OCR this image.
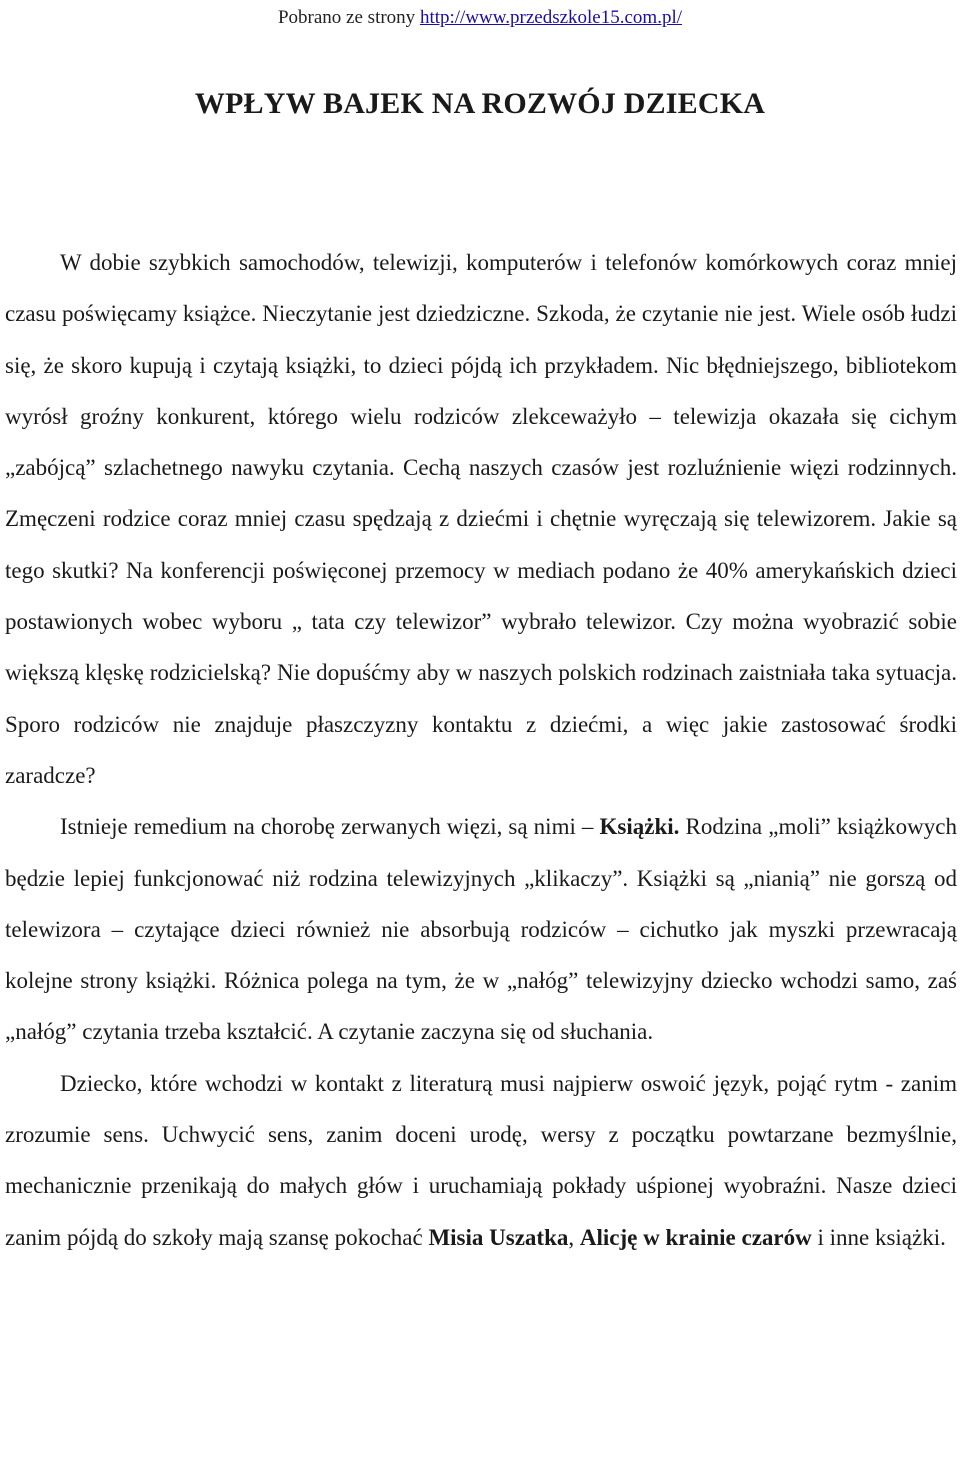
Pobrano ze strony http://www.przedszkole15.com.pl/
WPŁYW BAJEK NA ROZWÓJ DZIECKA

W dobie szybkich samochodów, telewizji, komputerów i telefonów komórkowych coraz mniej czasu poświęcamy książce. Nieczytanie jest dziedziczne. Szkoda, że czytanie nie jest. Wiele osób łudzi się, że skoro kupują i czytają książki, to dzieci pójdą ich przykładem. Nic błędniejszego, bibliotekom wyrósł groźny konkurent, którego wielu rodziców zlekceważyło – telewizja okazała się cichym „zabójcą” szlachetnego nawyku czytania. Cechą naszych czasów jest rozluźnienie więzi rodzinnych. Zmęczeni rodzice coraz mniej czasu spędzają z dziećmi i chętnie wyręczają się telewizorem. Jakie są tego skutki? Na konferencji poświęconej przemocy w mediach podano że 40% amerykańskich dzieci postawionych wobec wyboru „ tata czy telewizor” wybrało telewizor. Czy można wyobrazić sobie większą klęskę rodzicielską? Nie dopuśćmy aby w naszych polskich rodzinach zaistniała taka sytuacja. Sporo rodziców nie znajduje płaszczyzny kontaktu z dziećmi, a więc jakie zastosować środki zaradcze?

Istnieje remedium na chorobę zerwanych więzi, są nimi – Książki. Rodzina „moli” książkowych będzie lepiej funkcjonować niż rodzina telewizyjnych „klikaczy”. Książki są „nianią” nie gorszą od telewizora – czytające dzieci również nie absorbują rodziców – cichutko jak myszki przewracają kolejne strony książki. Różnica polega na tym, że w „nałóg” telewizyjny dziecko wchodzi samo, zaś „nałóg” czytania trzeba kształcić. A czytanie zaczyna się od słuchania.

Dziecko, które wchodzi w kontakt z literaturą musi najpierw oswoić język, pojąć rytm - zanim zrozumie sens. Uchwycić sens, zanim doceni urodę, wersy z początku powtarzane bezmyślnie, mechanicznie przenikają do małych głów i uruchamiają pokłady uśpionej wyobraźni. Nasze dzieci zanim pójdą do szkoły mają szansę pokochać Misia Uszatka, Alicję w krainie czarów i inne książki.
